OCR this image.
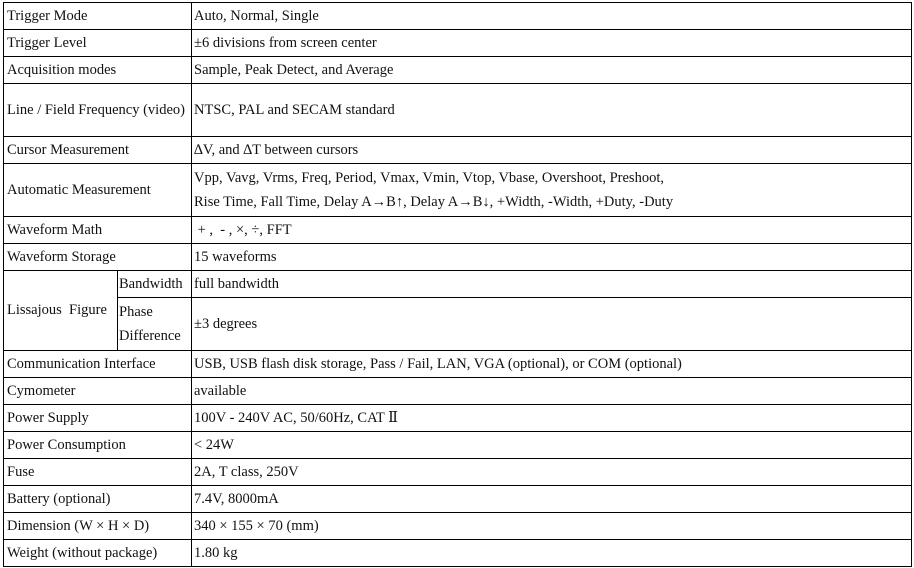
Trigger Mode		Auto, Normal, Single
Trigger Level		±6 divisions from screen center
Acquisition modes		Sample, Peak Detect, and Average
Line / Field Frequency (video)		NTSC, PAL and SECAM standard
Cursor Measurement		∆V, and ∆T between cursors
Automatic Measurement		Vpp, Vavg, Vrms, Freq, Period, Vmax, Vmin, Vtop, Vbase, Overshoot, Preshoot,
Rise Time, Fall Time, Delay A→B↑, Delay A→B↓, +Width, -Width, +Duty, -Duty

Waveform Math		+ ,  - , ×, ÷, FFT
Waveform Storage		15 waveforms
Lissajous  Figure	Bandwidth	full bandwidth
	Phase Difference	±3 degrees
Communication Interface		USB, USB flash disk storage, Pass / Fail, LAN, VGA (optional), or COM (optional)
Cymometer		available
Power Supply		100V - 240V AC, 50/60Hz, CAT Ⅱ
Power Consumption		< 24W
Fuse		2A, T class, 250V
Battery (optional)		7.4V, 8000mA
Dimension (W × H × D)		340 × 155 × 70 (mm)
Weight (without package)		1.80 kg
